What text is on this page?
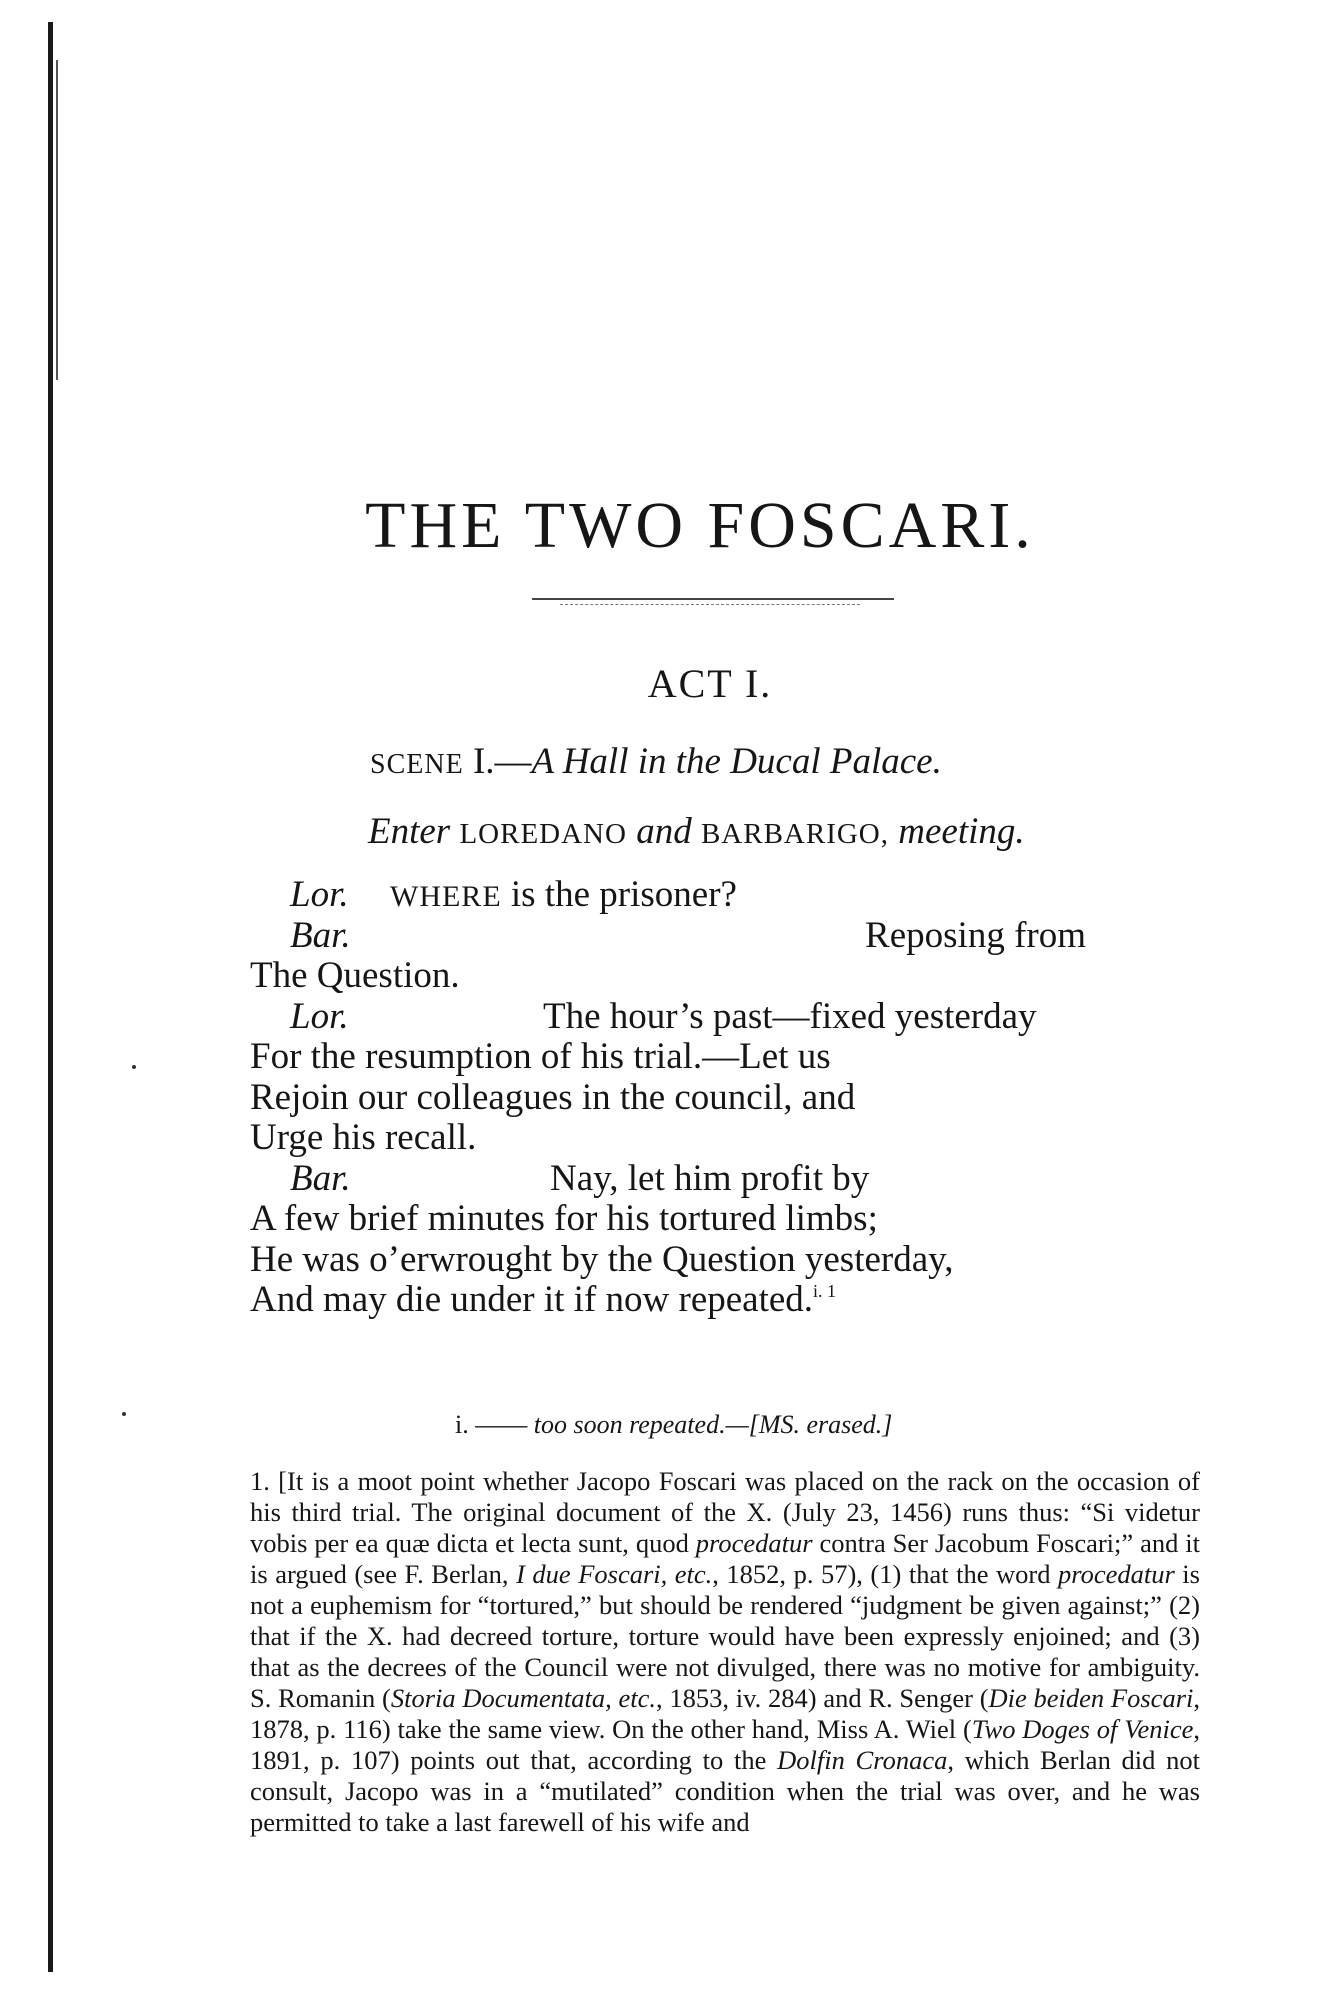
THE TWO FOSCARI.
ACT I.
SCENE I.—A Hall in the Ducal Palace.
Enter LOREDANO and BARBARIGO, meeting.
Lor. WHERE is the prisoner?
Bar.	Reposing from
The Question.
Lor.	The hour’s past—fixed yesterday
For the resumption of his trial.—Let us
Rejoin our colleagues in the council, and
Urge his recall.
Bar.	Nay, let him profit by
A few brief minutes for his tortured limbs;
He was o’erwrought by the Question yesterday,
And may die under it if now repeated.$^{i. 1}$
i. —— too soon repeated.—[MS. erased.]
1. [It is a moot point whether Jacopo Foscari was placed on the rack on the occasion of his third trial. The original document of the X. (July 23, 1456) runs thus: “Si videtur vobis per ea quæ dicta et lecta sunt, quod procedatur contra Ser Jacobum Foscari;” and it is argued (see F. Berlan, I due Foscari, etc., 1852, p. 57), (1) that the word procedatur is not a euphemism for “tortured,” but should be rendered “judgment be given against;” (2) that if the X. had decreed torture, torture would have been expressly enjoined; and (3) that as the decrees of the Council were not divulged, there was no motive for ambiguity. S. Romanin (Storia Documentata, etc., 1853, iv. 284) and R. Senger (Die beiden Foscari, 1878, p. 116) take the same view. On the other hand, Miss A. Wiel (Two Doges of Venice, 1891, p. 107) points out that, according to the Dolfin Cronaca, which Berlan did not consult, Jacopo was in a “mutilated” condition when the trial was over, and he was permitted to take a last farewell of his wife and
